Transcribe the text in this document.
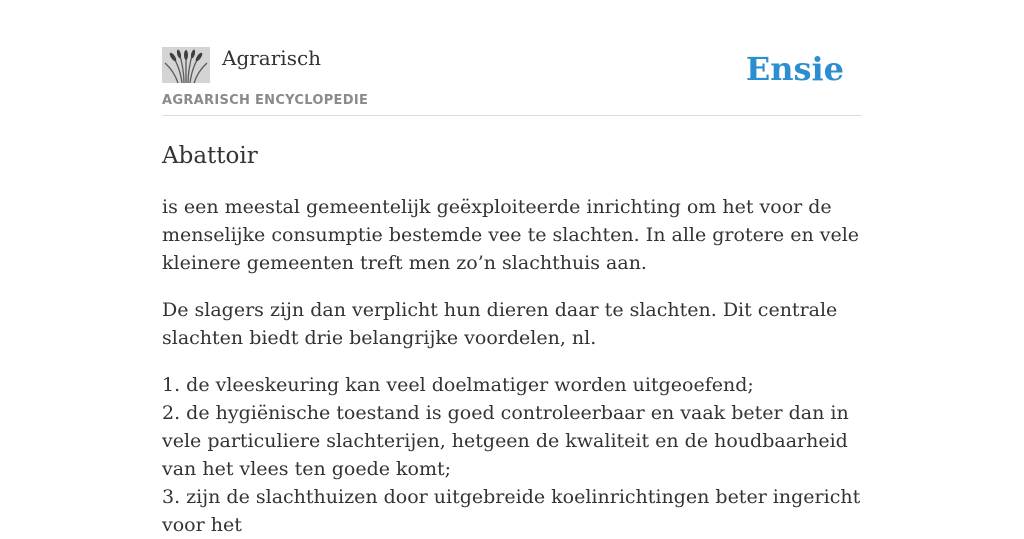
Agrarisch
AGRARISCH ENCYCLOPEDIE
Ensie
Abattoir

is een meestal gemeentelijk geëxploiteerde inrichting om het voor de menselijke consumptie bestemde vee te slachten. In alle grotere en vele kleinere gemeenten treft men zo’n slachthuis aan.

De slagers zijn dan verplicht hun dieren daar te slachten. Dit centrale slachten biedt drie belangrijke voordelen, nl.

1. de vleeskeuring kan veel doelmatiger worden uitgeoefend;
2. de hygiënische toestand is goed controleerbaar en vaak beter dan in vele particuliere slachterijen, hetgeen de kwaliteit en de houdbaarheid van het vlees ten goede komt;
3. zijn de slachthuizen door uitgebreide koelinrichtingen beter ingericht voor het
